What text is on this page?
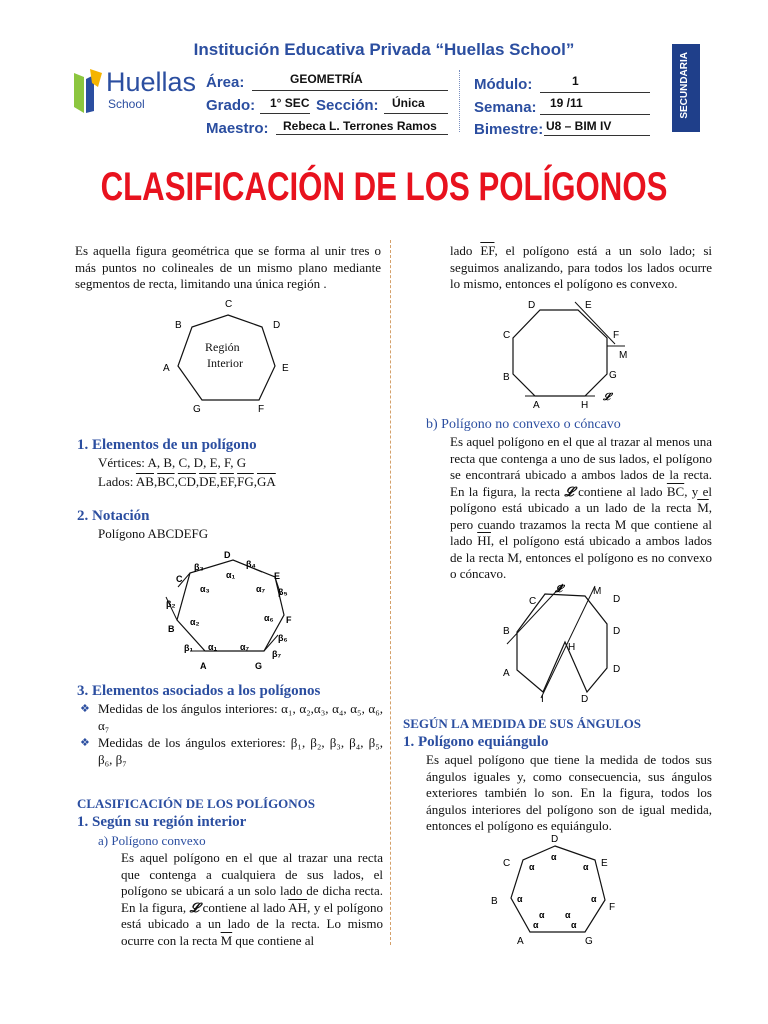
Institución Educativa Privada “Huellas School”
Huellas
School
Área:	GEOMETRÍA
Grado: 1° SEC Sección: Única
Maestro: Rebeca L. Terrones Ramos
Módulo:	1
Semana: 19 /11
Bimestre: U8 – BIM IV
SECUNDARIA
CLASIFICACIÓN DE LOS POLÍGONOS
Es aquella figura geométrica que se forma al unir tres o más puntos no colineales de un mismo plano mediante segmentos de recta, limitando una única región .
C
B	D
A	E
G	F
Región
Interior
1. Elementos de un polígono
Vértices: A, B, C, D, E, F, G
Lados: $\overline{AB},\overline{BC},\overline{CD},\overline{DE},\overline{EF},\overline{FG},\overline{GA}$
2. Notación
Polígono ABCDEFG
D
C	E
B
F
A	G
α₁
α₃	α₇
α₂	α₆
α₁	α₇
β₃	β₄
β₅
β₂
β₆
β₁
β₇
3. Elementos asociados a los polígonos
❖ Medidas de los ángulos interiores: α₁, α₂,α₃, α₄, α₅, α₆, α₇
❖ Medidas de los ángulos exteriores: β₁, β₂, β₃, β₄, β₅, β₆, β₇
CLASIFICACIÓN DE LOS POLÍGONOS
1. Según su región interior
a) Polígono convexo
Es aquel polígono en el que al trazar una recta que contenga a cualquiera de sus lados, el polígono se ubicará a un solo lado de dicha recta. En la figura, 𝓛 contiene al lado $\overline{AH}$, y el polígono está ubicado a un lado de la recta. Lo mismo ocurre con la recta $\overline{M}$ que contiene al
lado $\overline{EF}$, el polígono está a un solo lado; si seguimos analizando, para todos los lados ocurre lo mismo, entonces el polígono es convexo.
D	E
C	F
M
B	G
A	H
𝓛
b) Polígono no convexo o cóncavo
Es aquel polígono en el que al trazar al menos una recta que contenga a uno de sus lados, el polígono se encontrará ubicado a ambos lados de la recta. En la figura, la recta 𝓛 contiene al lado $\overline{BC}$, y el polígono está ubicado a un lado de la recta $\overline{M}$, pero cuando trazamos la recta M que contiene al lado $\overline{HI}$, el polígono está ubicado a ambos lados de la recta M, entonces el polígono es no convexo o cóncavo.
C
M
𝓛
D
B	D
H
A	D
I	D
SEGÚN LA MEDIDA DE SUS ÁNGULOS
1. Polígono equiángulo
Es aquel polígono que tiene la medida de todos sus ángulos iguales y, como consecuencia, sus ángulos exteriores también lo son. En la figura, todos los ángulos interiores del polígono son de igual medida, entonces el polígono es equiángulo.
D
C	E
B
F
A	G
α
α	α
α	α
α	α
α α
